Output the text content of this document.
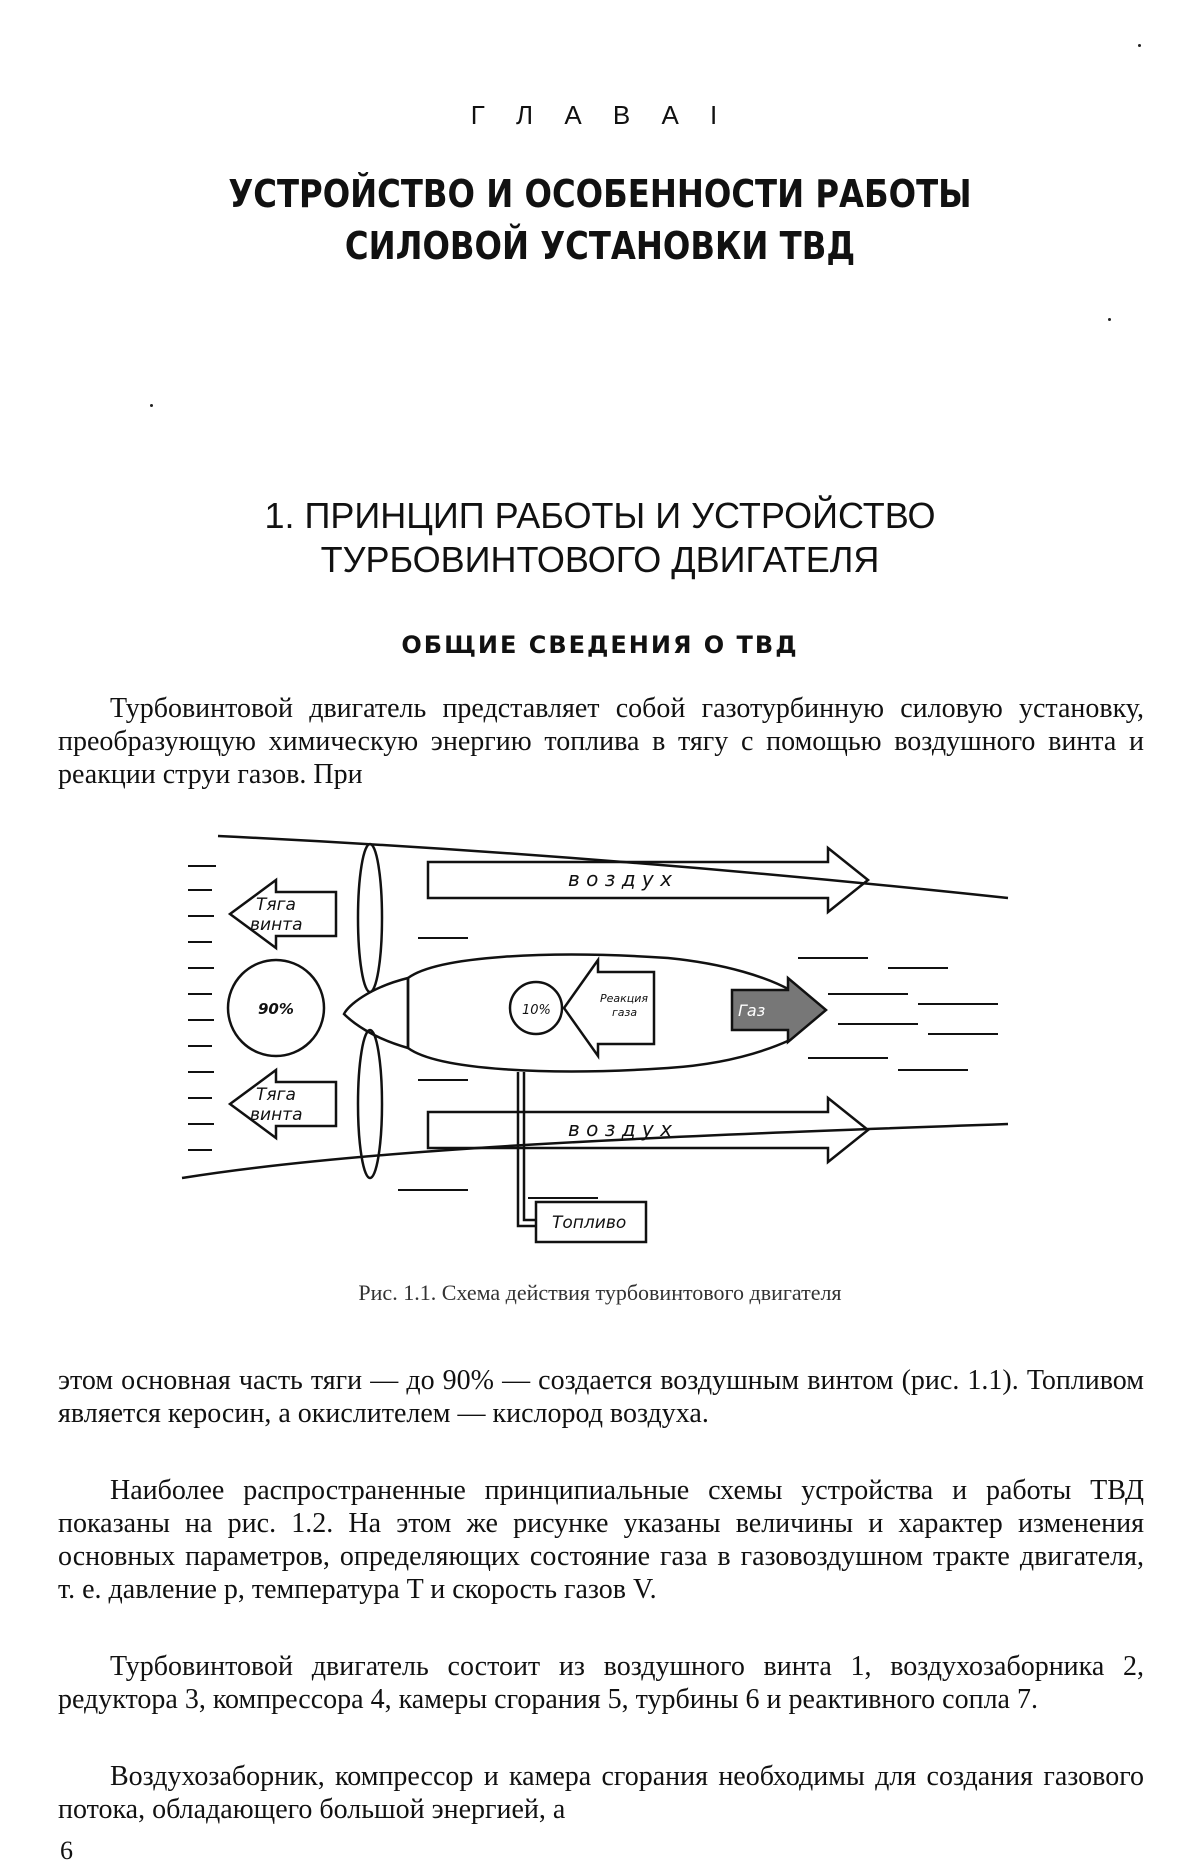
Г Л А В А I
УСТРОЙСТВО И ОСОБЕННОСТИ РАБОТЫ
СИЛОВОЙ УСТАНОВКИ ТВД
1. ПРИНЦИП РАБОТЫ И УСТРОЙСТВО
ТУРБОВИНТОВОГО ДВИГАТЕЛЯ
ОБЩИЕ СВЕДЕНИЯ О ТВД

Турбовинтовой двигатель представляет собой газотурбинную силовую установку, преобразующую химическую энергию топлива в тягу с помощью воздушного винта и реакции струи газов. При

Тяга
винта
Тяга
винта
90%	10%
Реакция
газа
в о з д у х
в о з д у х
Газ
Топливо
Рис. 1.1. Схема действия турбовинтового двигателя

этом основная часть тяги — до 90% — создается воздушным винтом (рис. 1.1). Топливом является керосин, а окислителем — кислород воздуха.

Наиболее распространенные принципиальные схемы устройства и работы ТВД показаны на рис. 1.2. На этом же рисунке указаны величины и характер изменения основных параметров, определяющих состояние газа в газовоздушном тракте двигателя, т. е. давление p, температура T и скорость газов V.

Турбовинтовой двигатель состоит из воздушного винта 1, воздухозаборника 2, редуктора 3, компрессора 4, камеры сгорания 5, турбины 6 и реактивного сопла 7.

Воздухозаборник, компрессор и камера сгорания необходимы для создания газового потока, обладающего большой энергией, а

6
